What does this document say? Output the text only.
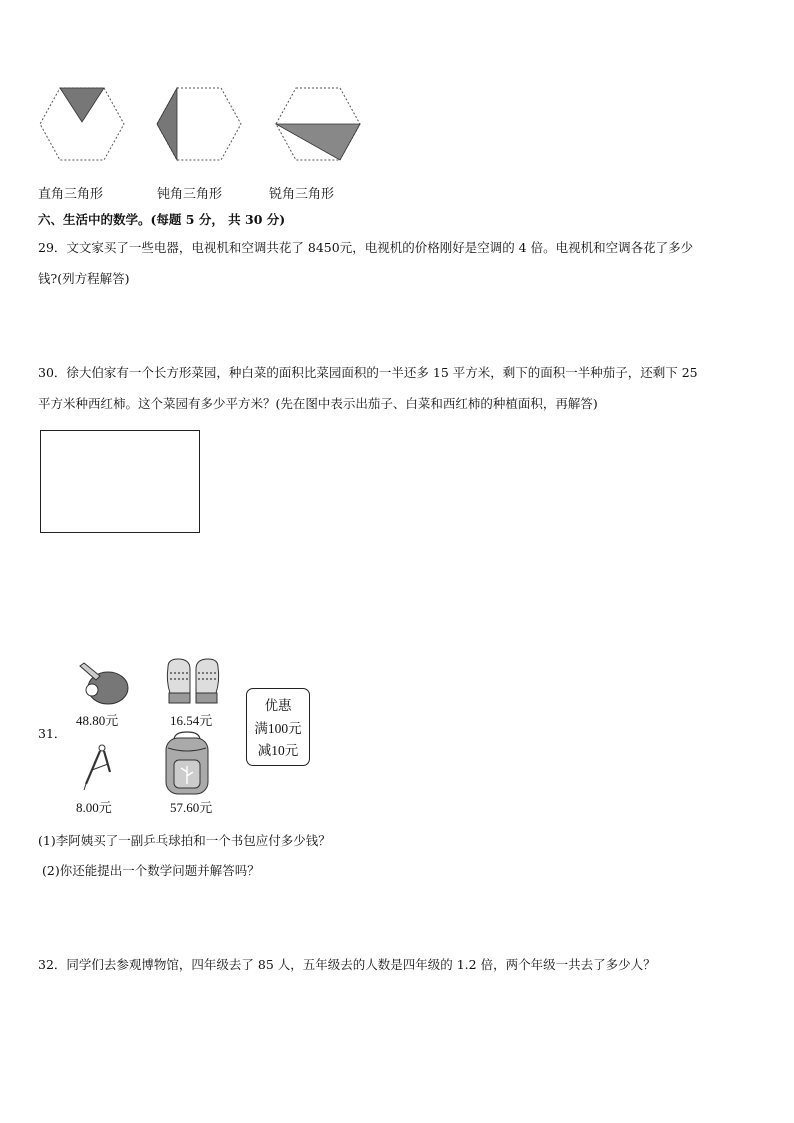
直角三角形	钝角三角形	锐角三角形
六、生活中的数学。(每题 5 分， 共 30 分)
29．文文家买了一些电器，电视机和空调共花了 8450元，电视机的价格刚好是空调的 4 倍。电视机和空调各花了多少
钱?(列方程解答)
30．徐大伯家有一个长方形菜园，种白菜的面积比菜园面积的一半还多 15 平方米，剩下的面积一半种茄子，还剩下 25
平方米种西红柿。这个菜园有多少平方米？(先在图中表示出茄子、白菜和西红柿的种植面积，再解答)
31．
48.80元	16.54元
8.00元	57.60元
优惠
满100元
减10元
(1)李阿姨买了一副乒乓球拍和一个书包应付多少钱？
(2)你还能提出一个数学问题并解答吗？
32．同学们去参观博物馆，四年级去了 85 人，五年级去的人数是四年级的 1.2 倍，两个年级一共去了多少人？
